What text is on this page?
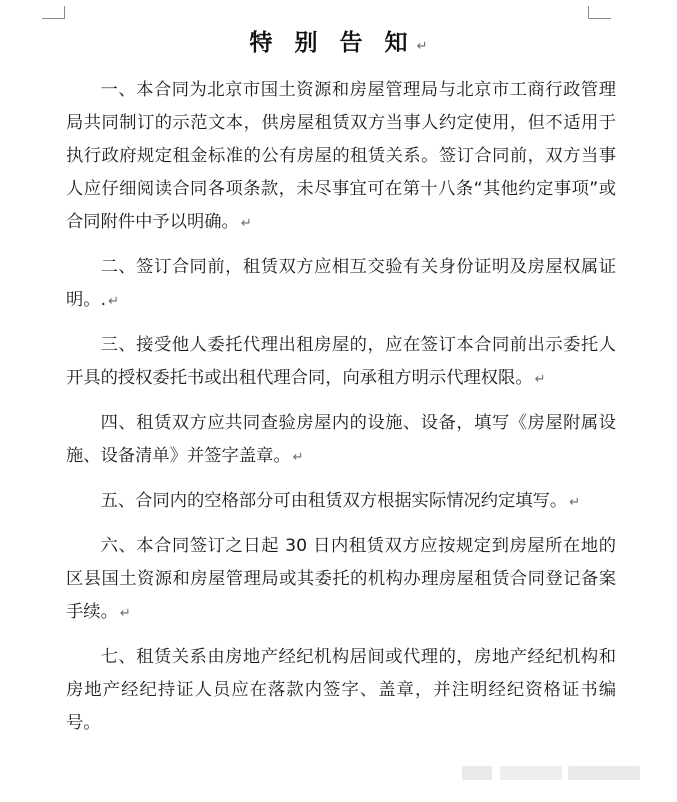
特 别 告 知 ↵

一、本合同为北京市国土资源和房屋管理局与北京市工商行政管理局共同制订的示范文本，供房屋租赁双方当事人约定使用，但不适用于执行政府规定租金标准的公有房屋的租赁关系。签订合同前，双方当事人应仔细阅读合同各项条款，未尽事宜可在第十八条“其他约定事项”或合同附件中予以明确。 ↵

二、签订合同前，租赁双方应相互交验有关身份证明及房屋权属证明。. ↵

三、接受他人委托代理出租房屋的，应在签订本合同前出示委托人开具的授权委托书或出租代理合同，向承租方明示代理权限。 ↵

四、租赁双方应共同查验房屋内的设施、设备，填写《房屋附属设施、设备清单》并签字盖章。 ↵

五、合同内的空格部分可由租赁双方根据实际情况约定填写。 ↵

六、本合同签订之日起 30 日内租赁双方应按规定到房屋所在地的区县国土资源和房屋管理局或其委托的机构办理房屋租赁合同登记备案手续。 ↵

七、租赁关系由房地产经纪机构居间或代理的，房地产经纪机构和房地产经纪持证人员应在落款内签字、盖章，并注明经纪资格证书编号。
